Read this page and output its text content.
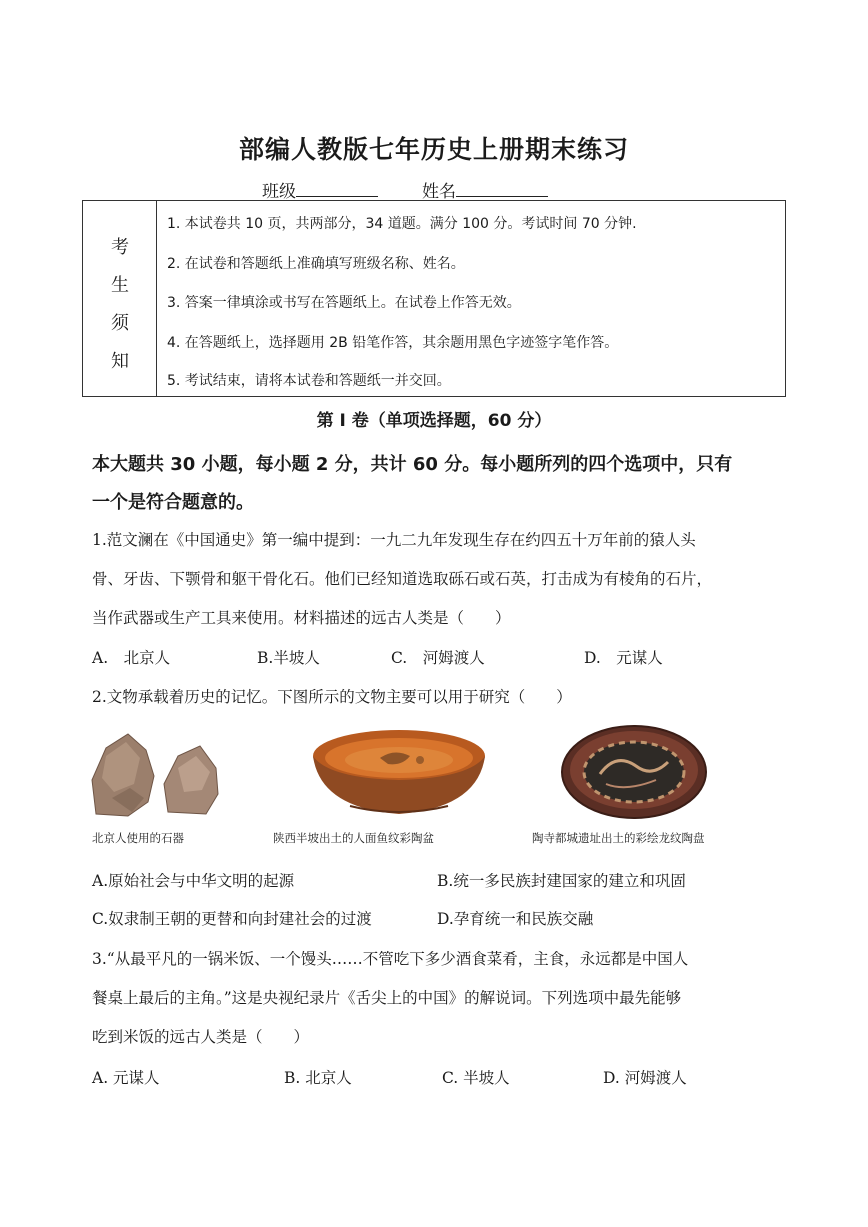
部编人教版七年历史上册期末练习
班级	姓名
考
生
须
知
1. 本试卷共 10 页，共两部分，34 道题。满分 100 分。考试时间 70 分钟.
2. 在试卷和答题纸上准确填写班级名称、姓名。
3. 答案一律填涂或书写在答题纸上。在试卷上作答无效。
4. 在答题纸上，选择题用 2B 铅笔作答，其余题用黑色字迹签字笔作答。
5. 考试结束，请将本试卷和答题纸一并交回。
第 I 卷（单项选择题，60 分）
本大题共 30 小题，每小题 2 分，共计 60 分。每小题所列的四个选项中，只有
一个是符合题意的。
1.范文澜在《中国通史》第一编中提到：一九二九年发现生存在约四五十万年前的猿人头
骨、牙齿、下颚骨和躯干骨化石。他们已经知道选取砾石或石英，打击成为有棱角的石片，
当作武器或生产工具来使用。材料描述的远古人类是（　　）
A.　北京人	B.半坡人	C.　河姆渡人	D.　元谋人
2.文物承载着历史的记忆。下图所示的文物主要可以用于研究（　　）
北京人使用的石器	陕西半坡出土的人面鱼纹彩陶盆	陶寺都城遗址出土的彩绘龙纹陶盘
A.原始社会与中华文明的起源	B.统一多民族封建国家的建立和巩固
C.奴隶制王朝的更替和向封建社会的过渡	D.孕育统一和民族交融
3.“从最平凡的一锅米饭、一个馒头……不管吃下多少酒食菜肴，主食，永远都是中国人
餐桌上最后的主角。”这是央视纪录片《舌尖上的中国》的解说词。下列选项中最先能够
吃到米饭的远古人类是（　　）
A. 元谋人	B. 北京人	C. 半坡人	D. 河姆渡人
